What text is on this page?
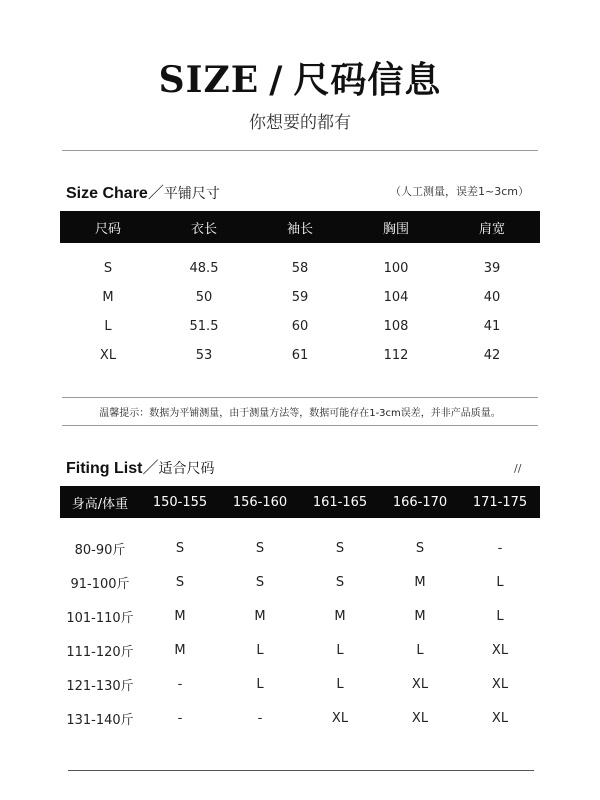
SIZE / 尺码信息
你想要的都有
Size Chare／平铺尺寸	（人工测量，误差1~3cm）
尺码	衣长	袖长	胸围	肩宽
S	48.5	58	100	39
M	50	59	104	40
L	51.5	60	108	41
XL	53	61	112	42
温馨提示：数据为平铺测量，由于测量方法等，数据可能存在1-3cm误差，并非产品质量。
Fiting List／适合尺码	//
身高/体重	150-155	156-160	161-165	166-170	171-175
80-90斤	S	S	S	S	-
91-100斤	S	S	S	M	L
101-110斤	M	M	M	M	L
111-120斤	M	L	L	L	XL
121-130斤	-	L	L	XL	XL
131-140斤	-	-	XL	XL	XL
